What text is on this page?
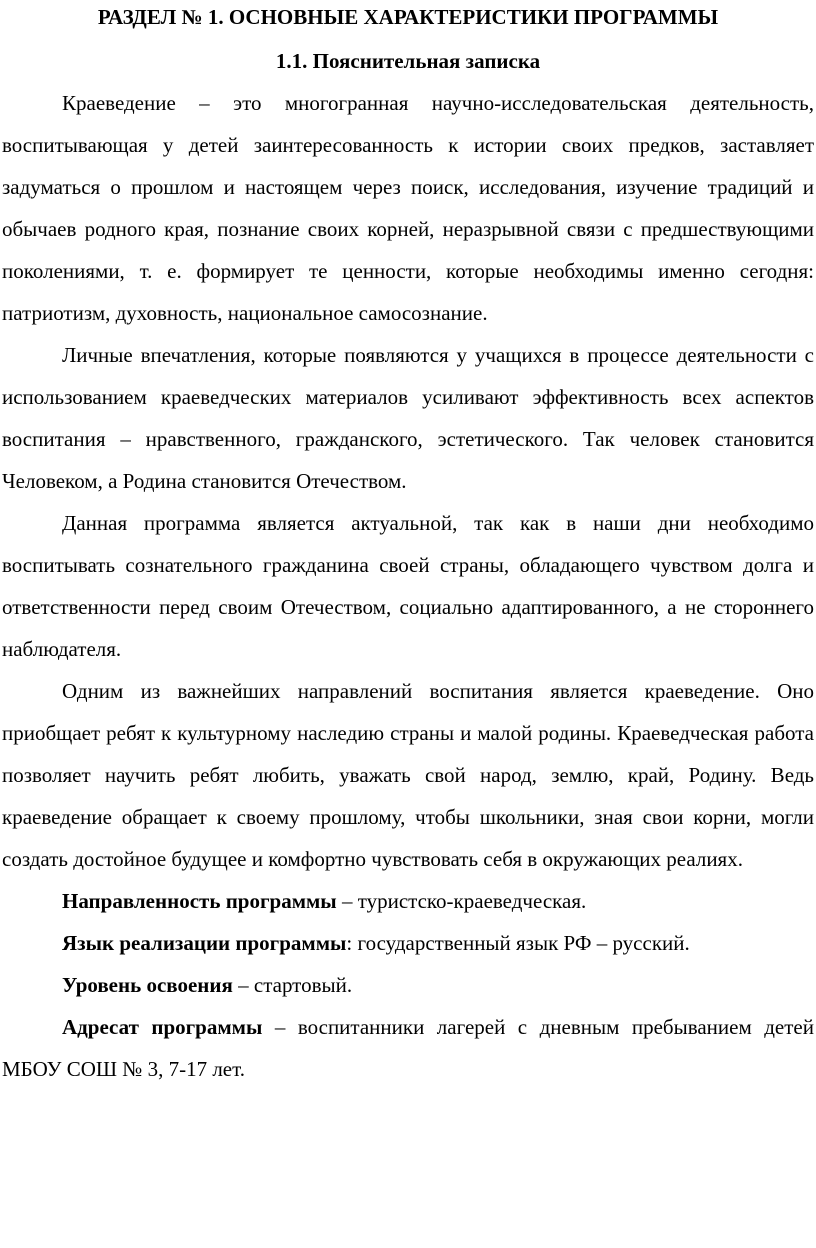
РАЗДЕЛ № 1. ОСНОВНЫЕ ХАРАКТЕРИСТИКИ ПРОГРАММЫ
1.1. Пояснительная записка

Краеведение – это многогранная научно-исследовательская деятельность, воспитывающая у детей заинтересованность к истории своих предков, заставляет задуматься о прошлом и настоящем через поиск, исследования, изучение традиций и обычаев родного края, познание своих корней, неразрывной связи с предшествующими поколениями, т. е. формирует те ценности, которые необходимы именно сегодня: патриотизм, духовность, национальное самосознание.

Личные впечатления, которые появляются у учащихся в процессе деятельности с использованием краеведческих материалов усиливают эффективность всех аспектов воспитания – нравственного, гражданского, эстетического. Так человек становится Человеком, а Родина становится Отечеством.

Данная программа является актуальной, так как в наши дни необходимо воспитывать сознательного гражданина своей страны, обладающего чувством долга и ответственности перед своим Отечеством, социально адаптированного, а не стороннего наблюдателя.

Одним из важнейших направлений воспитания является краеведение. Оно приобщает ребят к культурному наследию страны и малой родины. Краеведческая работа позволяет научить ребят любить, уважать свой народ, землю, край, Родину. Ведь краеведение обращает к своему прошлому, чтобы школьники, зная свои корни, могли создать достойное будущее и комфортно чувствовать себя в окружающих реалиях.

Направленность программы – туристско-краеведческая.

Язык реализации программы: государственный язык РФ – русский.

Уровень освоения – стартовый.

Адресат программы – воспитанники лагерей с дневным пребыванием детей МБОУ СОШ № 3, 7-17 лет.
